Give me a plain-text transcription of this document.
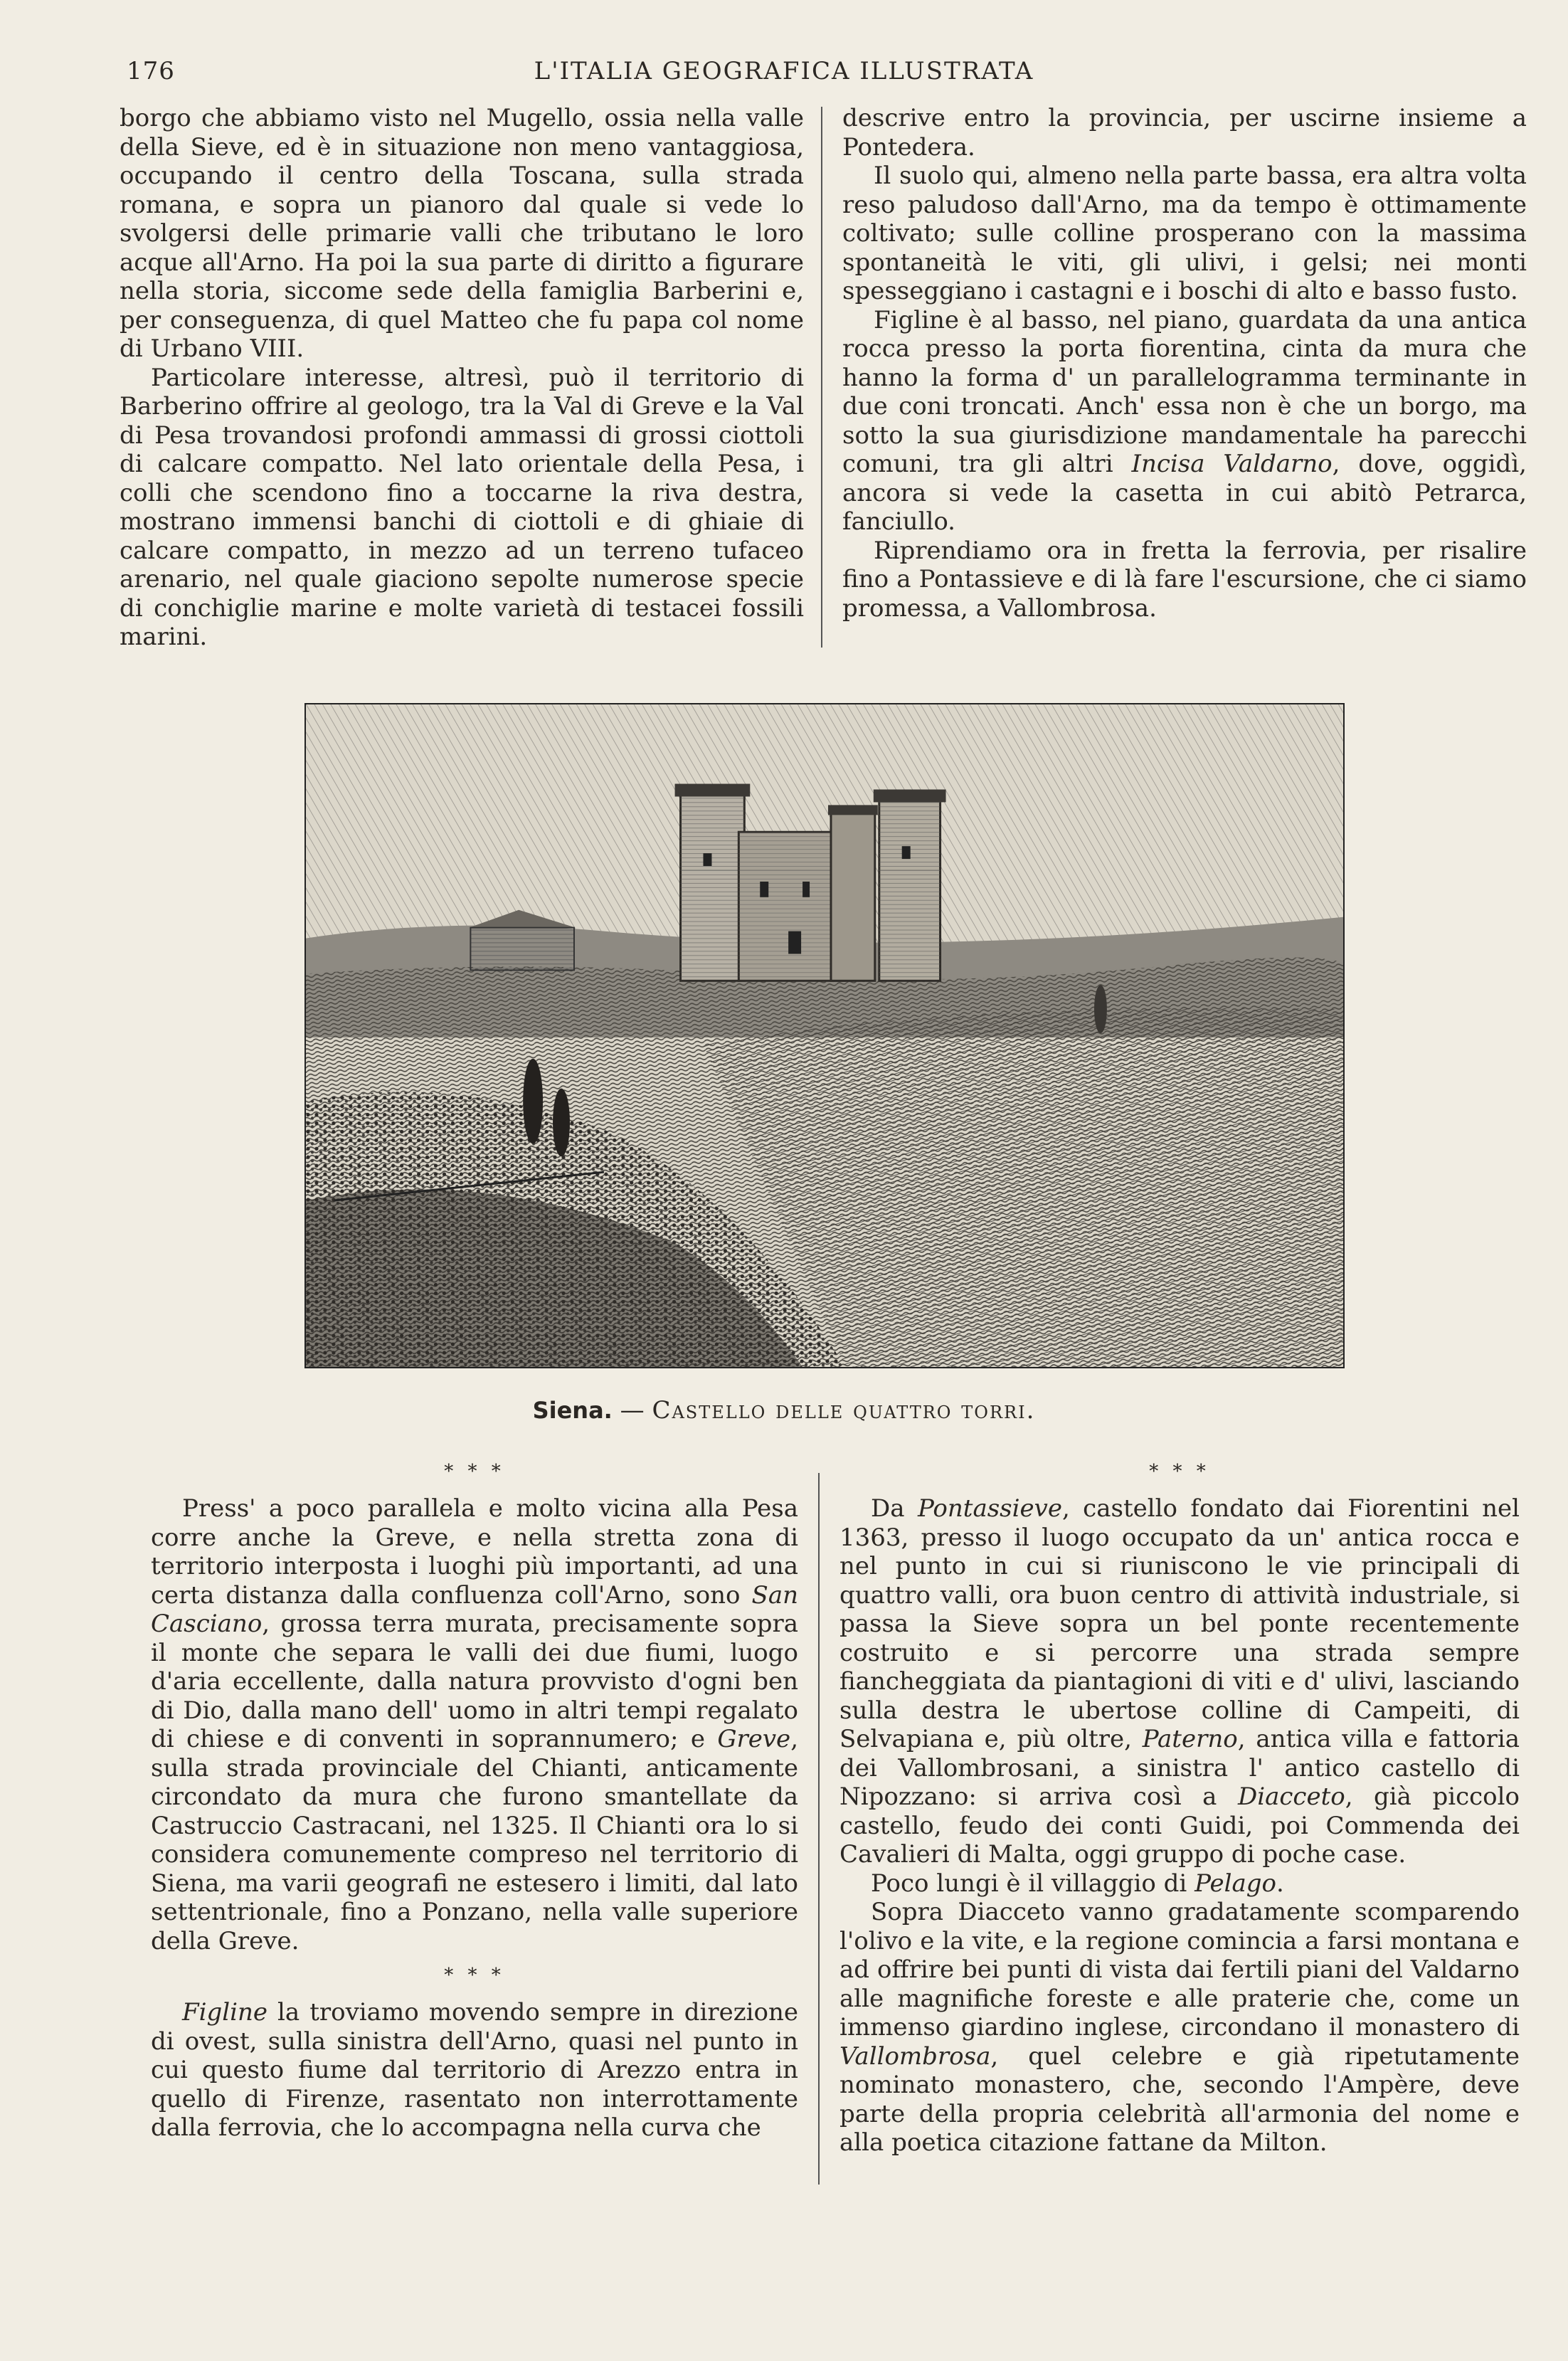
176	L'ITALIA GEOGRAFICA ILLUSTRATA

borgo che abbiamo visto nel Mugello, ossia nella valle della Sieve, ed è in situazione non meno vantaggiosa, occupando il centro della Toscana, sulla strada romana, e sopra un pianoro dal quale si vede lo svolgersi delle primarie valli che tributano le loro acque all'Arno. Ha poi la sua parte di diritto a figurare nella storia, siccome sede della famiglia Barberini e, per conseguenza, di quel Matteo che fu papa col nome di Urbano VIII.

Particolare interesse, altresì, può il territorio di Barberino offrire al geologo, tra la Val di Greve e la Val di Pesa trovandosi profondi ammassi di grossi ciottoli di calcare compatto. Nel lato orientale della Pesa, i colli che scendono fino a toccarne la riva destra, mostrano immensi banchi di ciottoli e di ghiaie di calcare compatto, in mezzo ad un terreno tufaceo arenario, nel quale giaciono sepolte numerose specie di conchiglie marine e molte varietà di testacei fossili marini.

descrive entro la provincia, per uscirne insieme a Pontedera.

Il suolo qui, almeno nella parte bassa, era altra volta reso paludoso dall'Arno, ma da tempo è ottimamente coltivato; sulle colline prosperano con la massima spontaneità le viti, gli ulivi, i gelsi; nei monti spesseggiano i castagni e i boschi di alto e basso fusto.

Figline è al basso, nel piano, guardata da una antica rocca presso la porta fiorentina, cinta da mura che hanno la forma d' un parallelogramma terminante in due coni troncati. Anch' essa non è che un borgo, ma sotto la sua giurisdizione mandamentale ha parecchi comuni, tra gli altri Incisa Valdarno, dove, oggidì, ancora si vede la casetta in cui abitò Petrarca, fanciullo.

Riprendiamo ora in fretta la ferrovia, per risalire fino a Pontassieve e di là fare l'escursione, che ci siamo promessa, a Vallombrosa.

Siena. — Castello delle quattro torri.
* * *

Press' a poco parallela e molto vicina alla Pesa corre anche la Greve, e nella stretta zona di territorio interposta i luoghi più importanti, ad una certa distanza dalla confluenza coll'Arno, sono San Casciano, grossa terra murata, precisamente sopra il monte che separa le valli dei due fiumi, luogo d'aria eccellente, dalla natura provvisto d'ogni ben di Dio, dalla mano dell' uomo in altri tempi regalato di chiese e di conventi in soprannumero; e Greve, sulla strada provinciale del Chianti, anticamente circondato da mura che furono smantellate da Castruccio Castracani, nel 1325. Il Chianti ora lo si considera comunemente compreso nel territorio di Siena, ma varii geografi ne estesero i limiti, dal lato settentrionale, fino a Ponzano, nella valle superiore della Greve.

* * *

Figline la troviamo movendo sempre in direzione di ovest, sulla sinistra dell'Arno, quasi nel punto in cui questo fiume dal territorio di Arezzo entra in quello di Firenze, rasentato non interrottamente dalla ferrovia, che lo accompagna nella curva che

* * *

Da Pontassieve, castello fondato dai Fiorentini nel 1363, presso il luogo occupato da un' antica rocca e nel punto in cui si riuniscono le vie principali di quattro valli, ora buon centro di attività industriale, si passa la Sieve sopra un bel ponte recentemente costruito e si percorre una strada sempre fiancheggiata da piantagioni di viti e d' ulivi, lasciando sulla destra le ubertose colline di Campeiti, di Selvapiana e, più oltre, Paterno, antica villa e fattoria dei Vallombrosani, a sinistra l' antico castello di Nipozzano: si arriva così a Diacceto, già piccolo castello, feudo dei conti Guidi, poi Commenda dei Cavalieri di Malta, oggi gruppo di poche case.

Poco lungi è il villaggio di Pelago.

Sopra Diacceto vanno gradatamente scomparendo l'olivo e la vite, e la regione comincia a farsi montana e ad offrire bei punti di vista dai fertili piani del Valdarno alle magnifiche foreste e alle praterie che, come un immenso giardino inglese, circondano il monastero di Vallombrosa, quel celebre e già ripetutamente nominato monastero, che, secondo l'Ampère, deve parte della propria celebrità all'armonia del nome e alla poetica citazione fattane da Milton.
